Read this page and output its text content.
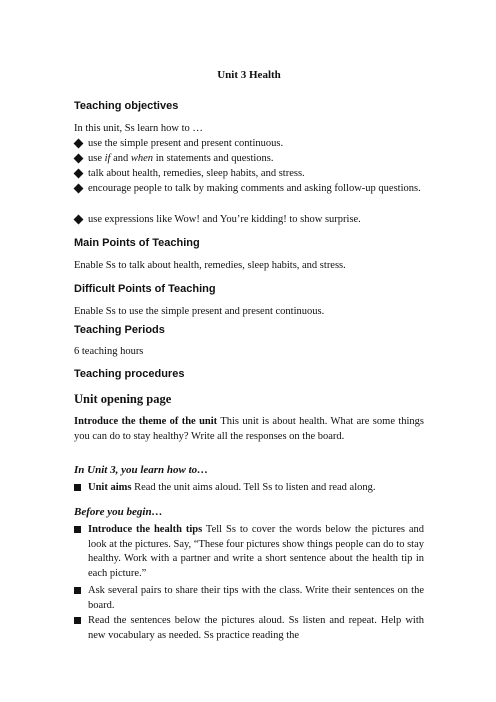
Unit 3 Health
Teaching objectives
In this unit, Ss learn how to …
use the simple present and present continuous.
use if and when in statements and questions.
talk about health, remedies, sleep habits, and stress.
encourage people to talk by making comments and asking follow-up questions.
use expressions like Wow! and You’re kidding! to show surprise.
Main Points of Teaching
Enable Ss to talk about health, remedies, sleep habits, and stress.
Difficult Points of Teaching
Enable Ss to use the simple present and present continuous.
Teaching Periods
6 teaching hours
Teaching procedures
Unit opening page
Introduce the theme of the unit This unit is about health. What are some things you can do to stay healthy? Write all the responses on the board.
In Unit 3, you learn how to…
Unit aims Read the unit aims aloud. Tell Ss to listen and read along.
Before you begin…
Introduce the health tips Tell Ss to cover the words below the pictures and look at the pictures. Say, “These four pictures show things people can do to stay healthy. Work with a partner and write a short sentence about the health tip in each picture.”
Ask several pairs to share their tips with the class. Write their sentences on the board.
Read the sentences below the pictures aloud. Ss listen and repeat. Help with new vocabulary as needed. Ss practice reading the
